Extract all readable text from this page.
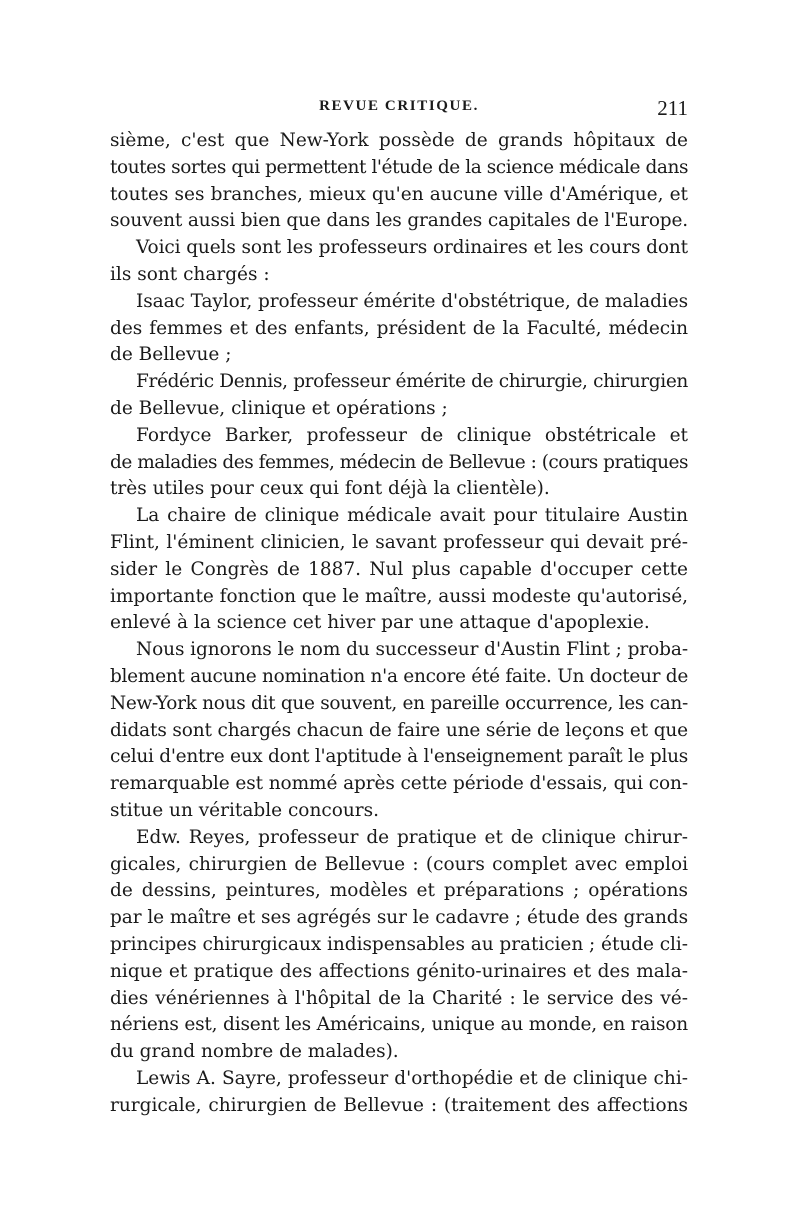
REVUE CRITIQUE.	211
sième, c'est que New-York possède de grands hôpitaux de
toutes sortes qui permettent l'étude de la science médicale dans
toutes ses branches, mieux qu'en aucune ville d'Amérique, et
souvent aussi bien que dans les grandes capitales de l'Europe.
Voici quels sont les professeurs ordinaires et les cours dont
ils sont chargés :
Isaac Taylor, professeur émérite d'obstétrique, de maladies
des femmes et des enfants, président de la Faculté, médecin
de Bellevue ;
Frédéric Dennis, professeur émérite de chirurgie, chirurgien
de Bellevue, clinique et opérations ;
Fordyce Barker, professeur de clinique obstétricale et
de maladies des femmes, médecin de Bellevue : (cours pratiques
très utiles pour ceux qui font déjà la clientèle).
La chaire de clinique médicale avait pour titulaire Austin
Flint, l'éminent clinicien, le savant professeur qui devait pré-
sider le Congrès de 1887. Nul plus capable d'occuper cette
importante fonction que le maître, aussi modeste qu'autorisé,
enlevé à la science cet hiver par une attaque d'apoplexie.
Nous ignorons le nom du successeur d'Austin Flint ; proba-
blement aucune nomination n'a encore été faite. Un docteur de
New-York nous dit que souvent, en pareille occurrence, les can-
didats sont chargés chacun de faire une série de leçons et que
celui d'entre eux dont l'aptitude à l'enseignement paraît le plus
remarquable est nommé après cette période d'essais, qui con-
stitue un véritable concours.
Edw. Reyes, professeur de pratique et de clinique chirur-
gicales, chirurgien de Bellevue : (cours complet avec emploi
de dessins, peintures, modèles et préparations ; opérations
par le maître et ses agrégés sur le cadavre ; étude des grands
principes chirurgicaux indispensables au praticien ; étude cli-
nique et pratique des affections génito-urinaires et des mala-
dies vénériennes à l'hôpital de la Charité : le service des vé-
nériens est, disent les Américains, unique au monde, en raison
du grand nombre de malades).
Lewis A. Sayre, professeur d'orthopédie et de clinique chi-
rurgicale, chirurgien de Bellevue : (traitement des affections
